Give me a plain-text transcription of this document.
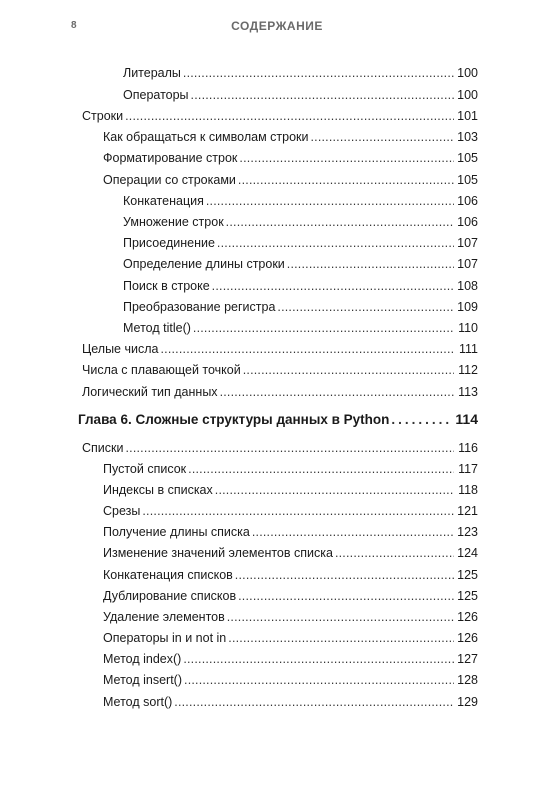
8	СОДЕРЖАНИЕ
Литералы .....	100
Операторы .....	100
Строки .....	101
Как обращаться к символам строки .....	103
Форматирование строк .....	105
Операции со строками .....	105
Конкатенация .....	106
Умножение строк .....	106
Присоединение .....	107
Определение длины строки .....	107
Поиск в строке .....	108
Преобразование регистра .....	109
Метод title() .....	110
Целые числа .....	111
Числа с плавающей точкой .....	112
Логический тип данных .....	113
Глава 6. Сложные структуры данных в Python .....	114
Списки .....	116
Пустой список .....	117
Индексы в списках .....	118
Срезы .....	121
Получение длины списка .....	123
Изменение значений элементов списка .....	124
Конкатенация списков .....	125
Дублирование списков .....	125
Удаление элементов .....	126
Операторы in и not in .....	126
Метод index() .....	127
Метод insert() .....	128
Метод sort() .....	129
